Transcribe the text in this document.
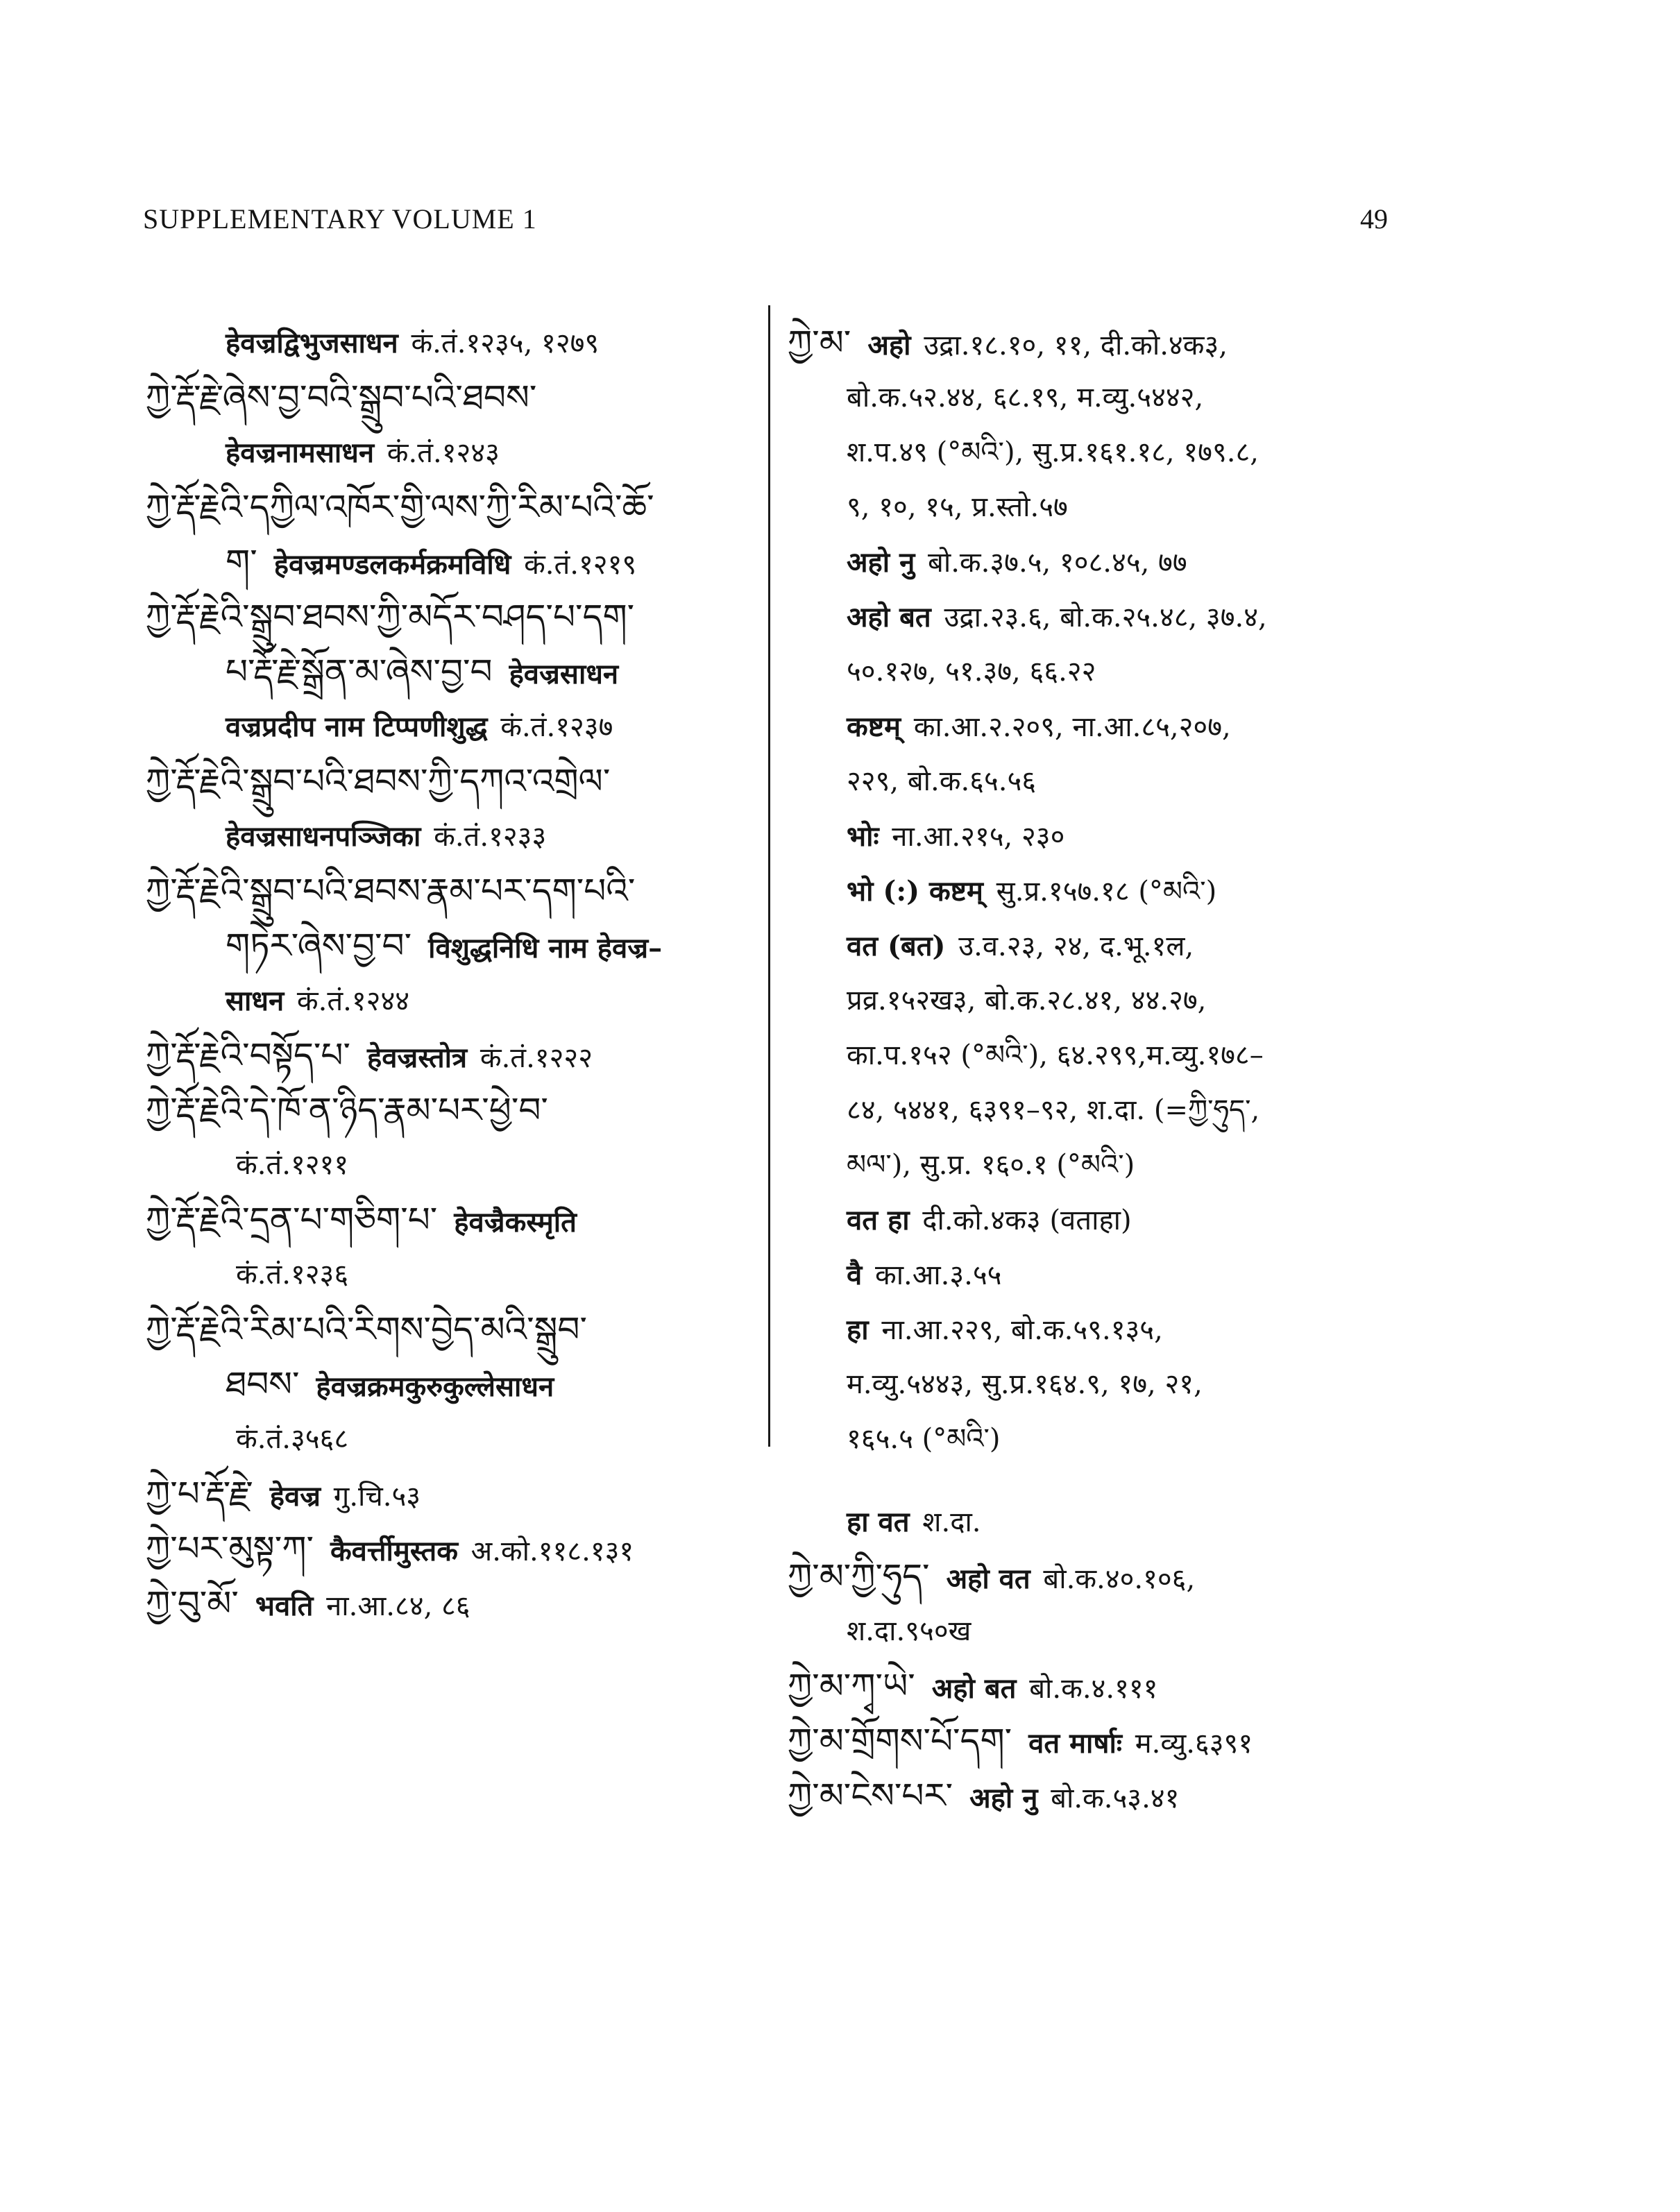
SUPPLEMENTARY VOLUME 1	49
हेवज्रद्विभुजसाधन कं.तं.१२३५, १२७९
ཀྱེ་རྡོ་རྗེ་ཞེས་བྱ་བའི་སྒྲུབ་པའི་ཐབས་
हेवज्रनामसाधन कं.तं.१२४३
ཀྱེ་རྡོ་རྗེའི་དཀྱིལ་འཁོར་གྱི་ལས་ཀྱི་རིམ་པའི་ཆོ་
ག་ हेवज्रमण्डलकर्मक्रमविधि कं.तं.१२१९
ཀྱེ་རྡོ་རྗེའི་སྒྲུབ་ཐབས་ཀྱི་མདོར་བཤད་པ་དག་
པ་རྡོ་རྗེ་སྒྲོན་མ་ཞེས་བྱ་བ हेवज्रसाधन
वज्रप्रदीप नाम टिप्पणीशुद्ध कं.तं.१२३७
ཀྱེ་རྡོ་རྗེའི་སྒྲུབ་པའི་ཐབས་ཀྱི་དཀའ་འགྲེལ་
हेवज्रसाधनपञ्जिका कं.तं.१२३३
ཀྱེ་རྡོ་རྗེའི་སྒྲུབ་པའི་ཐབས་རྣམ་པར་དག་པའི་
གཏེར་ཞེས་བྱ་བ་ विशुद्धनिधि नाम हेवज्र–
साधन कं.तं.१२४४
ཀྱེ་རྡོ་རྗེའི་བསྟོད་པ་ हेवज्रस्तोत्र कं.तं.१२२२
ཀྱེ་རྡོ་རྗེའི་དེ་ཁོ་ན་ཉིད་རྣམ་པར་ཕྱེ་བ་
कं.तं.१२११
ཀྱེ་རྡོ་རྗེའི་དྲན་པ་གཅིག་པ་ हेवज्रैकस्मृति
कं.तं.१२३६
ཀྱེ་རྡོ་རྗེའི་རིམ་པའི་རིགས་བྱེད་མའི་སྒྲུབ་
ཐབས་ हेवज्रक्रमकुरुकुल्लेसाधन
कं.तं.३५६८
ཀྱེ་པ་རྡོ་རྗེ་ हेवज्र गु.चि.५३
ཀྱེ་པར་མུསྟ་ཀ་ कैवर्त्तीमुस्तक अ.को.११८.१३१
ཀྱེ་བུ་མོ་ भवति ना.आ.८४, ८६
ཀྱེ་མ་ अहो उद्रा.१८.१०, ११, दी.को.४क३,
बो.क.५२.४४, ६८.१९, म.व्यु.५४४२,
श.प.४९ (°མའི་), सु.प्र.१६१.१८, १७९.८,
९, १०, १५, प्र.स्तो.५७
अहो नु बो.क.३७.५, १०८.४५, ७७
अहो बत उद्रा.२३.६, बो.क.२५.४८, ३७.४,
५०.१२७, ५१.३७, ६६.२२
कष्टम् का.आ.२.२०९, ना.आ.८५,२०७,
२२९, बो.क.६५.५६
भोः ना.आ.२१५, २३०
भो (:) कष्टम् सु.प्र.१५७.१८ (°མའི་)
वत (बत) उ.व.२३, २४, द.भू.१ल,
प्रव्र.१५२ख३, बो.क.२८.४१, ४४.२७,
का.प.१५२ (°མའི་), ६४.२९९,म.व्यु.१७८–
८४, ५४४१, ६३९१–९२, श.दा. (=ཀྱི་ཧུད་,
མལ་), सु.प्र. १६०.१ (°མའི་)
वत हा दी.को.४क३ (वताहा)
वै का.आ.३.५५
हा ना.आ.२२९, बो.क.५९.१३५,
म.व्यु.५४४३, सु.प्र.१६४.९, १७, २१,
१६५.५ (°མའི་)
हा वत श.दा.
ཀྱེ་མ་ཀྱི་ཧུད་ अहो वत बो.क.४०.१०६,
श.दा.९५०ख
ཀྱེ་མ་ཀྭ་ཡེ་ अहो बत बो.क.४.१११
ཀྱེ་མ་གྲོགས་པོ་དག་ वत मार्षाः म.व्यु.६३९१
ཀྱེ་མ་ངེས་པར་ अहो नु बो.क.५३.४१
